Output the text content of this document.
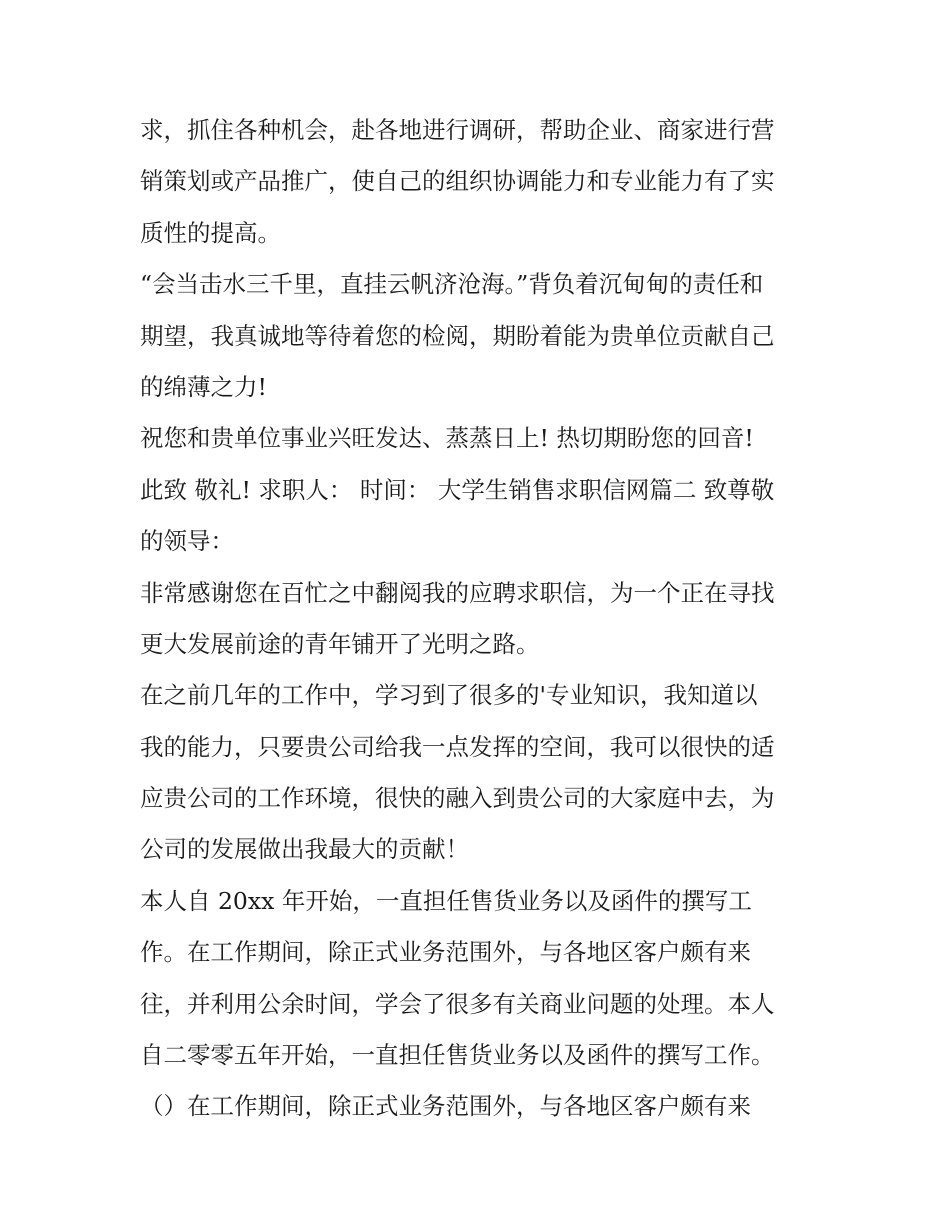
求，抓住各种机会，赴各地进行调研，帮助企业、商家进行营
销策划或产品推广，使自己的组织协调能力和专业能力有了实
质性的提高。
“会当击水三千里，直挂云帆济沧海。”背负着沉甸甸的责任和
期望，我真诚地等待着您的检阅，期盼着能为贵单位贡献自己
的绵薄之力!
祝您和贵单位事业兴旺发达、蒸蒸日上! 热切期盼您的回音!
此致 敬礼! 求职人： 时间： 大学生销售求职信网篇二 致尊敬
的领导：
非常感谢您在百忙之中翻阅我的应聘求职信，为一个正在寻找
更大发展前途的青年铺开了光明之路。
在之前几年的工作中，学习到了很多的'专业知识，我知道以
我的能力，只要贵公司给我一点发挥的空间，我可以很快的适
应贵公司的工作环境，很快的融入到贵公司的大家庭中去，为
公司的发展做出我最大的贡献！
本人自 20xx 年开始，一直担任售货业务以及函件的撰写工
作。在工作期间，除正式业务范围外，与各地区客户颇有来
往，并利用公余时间，学会了很多有关商业问题的处理。本人
自二零零五年开始，一直担任售货业务以及函件的撰写工作。
（）在工作期间，除正式业务范围外，与各地区客户颇有来
